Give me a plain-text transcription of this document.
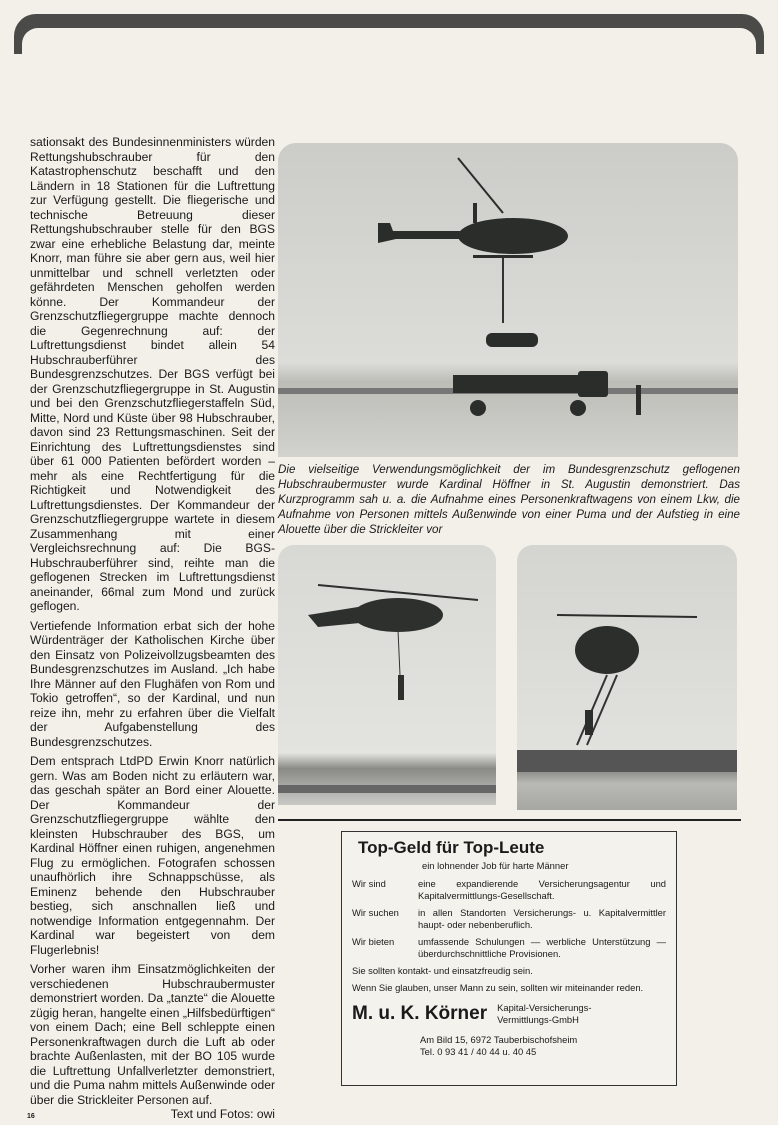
sationsakt des Bundesinnenministers würden Rettungshubschrauber für den Katastrophenschutz beschafft und den Ländern in 18 Stationen für die Luftrettung zur Verfügung gestellt. Die fliegerische und technische Betreuung dieser Rettungshubschrauber stelle für den BGS zwar eine erhebliche Belastung dar, meinte Knorr, man führe sie aber gern aus, weil hier unmittelbar und schnell verletzten oder gefährdeten Menschen geholfen werden könne. Der Kommandeur der Grenzschutzfliegergruppe machte dennoch die Gegenrechnung auf: der Luftrettungsdienst bindet allein 54 Hubschrauberführer des Bundesgrenzschutzes. Der BGS verfügt bei der Grenzschutzfliegergruppe in St. Augustin und bei den Grenzschutzfliegerstaffeln Süd, Mitte, Nord und Küste über 98 Hubschrauber, davon sind 23 Rettungsmaschinen. Seit der Einrichtung des Luftrettungsdienstes sind über 61 000 Patienten befördert worden – mehr als eine Rechtfertigung für die Richtigkeit und Notwendigkeit des Luftrettungsdienstes. Der Kommandeur der Grenzschutzfliegergruppe wartete in diesem Zusammenhang mit einer Vergleichsrechnung auf: Die BGS-Hubschrauberführer sind, reihte man die geflogenen Strecken im Luftrettungsdienst aneinander, 66mal zum Mond und zurück geflogen.

Vertiefende Information erbat sich der hohe Würdenträger der Katholischen Kirche über den Einsatz von Polizeivollzugsbeamten des Bundesgrenzschutzes im Ausland. „Ich habe Ihre Männer auf den Flughäfen von Rom und Tokio getroffen“, so der Kardinal, und nun reize ihn, mehr zu erfahren über die Vielfalt der Aufgabenstellung des Bundesgrenzschutzes.

Dem entsprach LtdPD Erwin Knorr natürlich gern. Was am Boden nicht zu erläutern war, das geschah später an Bord einer Alouette. Der Kommandeur der Grenzschutzfliegergruppe wählte den kleinsten Hubschrauber des BGS, um Kardinal Höffner einen ruhigen, angenehmen Flug zu ermöglichen. Fotografen schossen unaufhörlich ihre Schnappschüsse, als Eminenz behende den Hubschrauber bestieg, sich anschnallen ließ und notwendige Information entgegennahm. Der Kardinal war begeistert von dem Flugerlebnis!

Vorher waren ihm Einsatzmöglichkeiten der verschiedenen Hubschraubermuster demonstriert worden. Da „tanzte“ die Alouette zügig heran, hangelte einen „Hilfsbedürftigen“ von einem Dach; eine Bell schleppte einen Personenkraftwagen durch die Luft ab oder brachte Außenlasten, mit der BO 105 wurde die Luftrettung Unfallverletzter demonstriert, und die Puma nahm mittels Außenwinde oder über die Strickleiter Personen auf.

16	Text und Fotos: owi
Die vielseitige Verwendungsmöglichkeit der im Bundesgrenzschutz geflogenen Hubschraubermuster wurde Kardinal Höffner in St. Augustin demonstriert. Das Kurzprogramm sah u. a. die Aufnahme eines Personenkraftwagens von einem Lkw, die Aufnahme von Personen mittels Außenwinde von einer Puma und der Aufstieg in eine Alouette über die Strickleiter vor
Top-Geld für Top-Leute
ein lohnender Job für harte Männer
Wir sind	eine expandierende Versicherungsagentur und Kapitalvermittlungs-Gesellschaft.
Wir suchen	in allen Standorten Versicherungs- u. Kapitalvermittler haupt- oder nebenberuflich.
Wir bieten	umfassende Schulungen — werbliche Unterstützung — überdurchschnittliche Provisionen.

Sie sollten kontakt- und einsatzfreudig sein.

Wenn Sie glauben, unser Mann zu sein, sollten wir miteinander reden.

M. u. K. Körner Kapital-Versicherungs-
Vermittlungs-GmbH
Am Bild 15, 6972 Tauberbischofsheim
Tel. 0 93 41 / 40 44 u. 40 45
